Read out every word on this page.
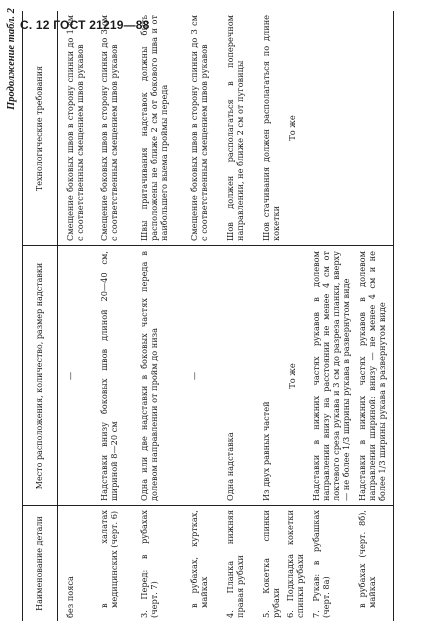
С. 12 ГОСТ 21219—88
Продолжение табл. 2
Наименование детали
Место расположения, количество, размер надставки
Технологические требования
без пояса
—
Смещение боковых швов в сторону спинки до 1 см с соответственным смещением швов рукавов
в халатах медицинских (черт. 6)
Надставки внизу боковых швов длиной 20—40 см, шириной 8—20 см
Смещение боковых швов в сторону спинки до 3 см с соответственным смещением швов рукавов
3. Перед: в рубахах (черт. 7)
Одна или две надставки в боковых частях переда в долевом направлении от пройм до низа
Швы притачивания надставок должны быть расположены не ближе 2 см от бокового шва и от наибольшего выема проймы переда
в рубахах, куртках, майках
—
Смещение боковых швов в сторону спинки до 3 см с соответственным смещением швов рукавов
4. Планка нижняя правая рубахи
Одна надставка
Шов должен располагаться в поперечном направлении, не ближе 2 см от пуговицы
5. Кокетка спинки рубахи
Из двух равных частей
Шов стачивания должен располагаться по длине кокетки
6. Подкладка кокетки спинки рубахи
То же
То же
7. Рукав: в рубашках (черт. 8а)
Надставки в нижних частях рукавов в долевом направлении внизу на расстоянии не менее 4 см от локтевого среза рукава и 3 см до разреза планки, вверху — не более 1/3 ширины рукава в развернутом виде
в рубахах (черт. 8б), майках
Надставки в нижних частях рукавов в долевом направлении шириной: внизу — не менее 4 см и не более 1/3 ширины рукава в развернутом виде
